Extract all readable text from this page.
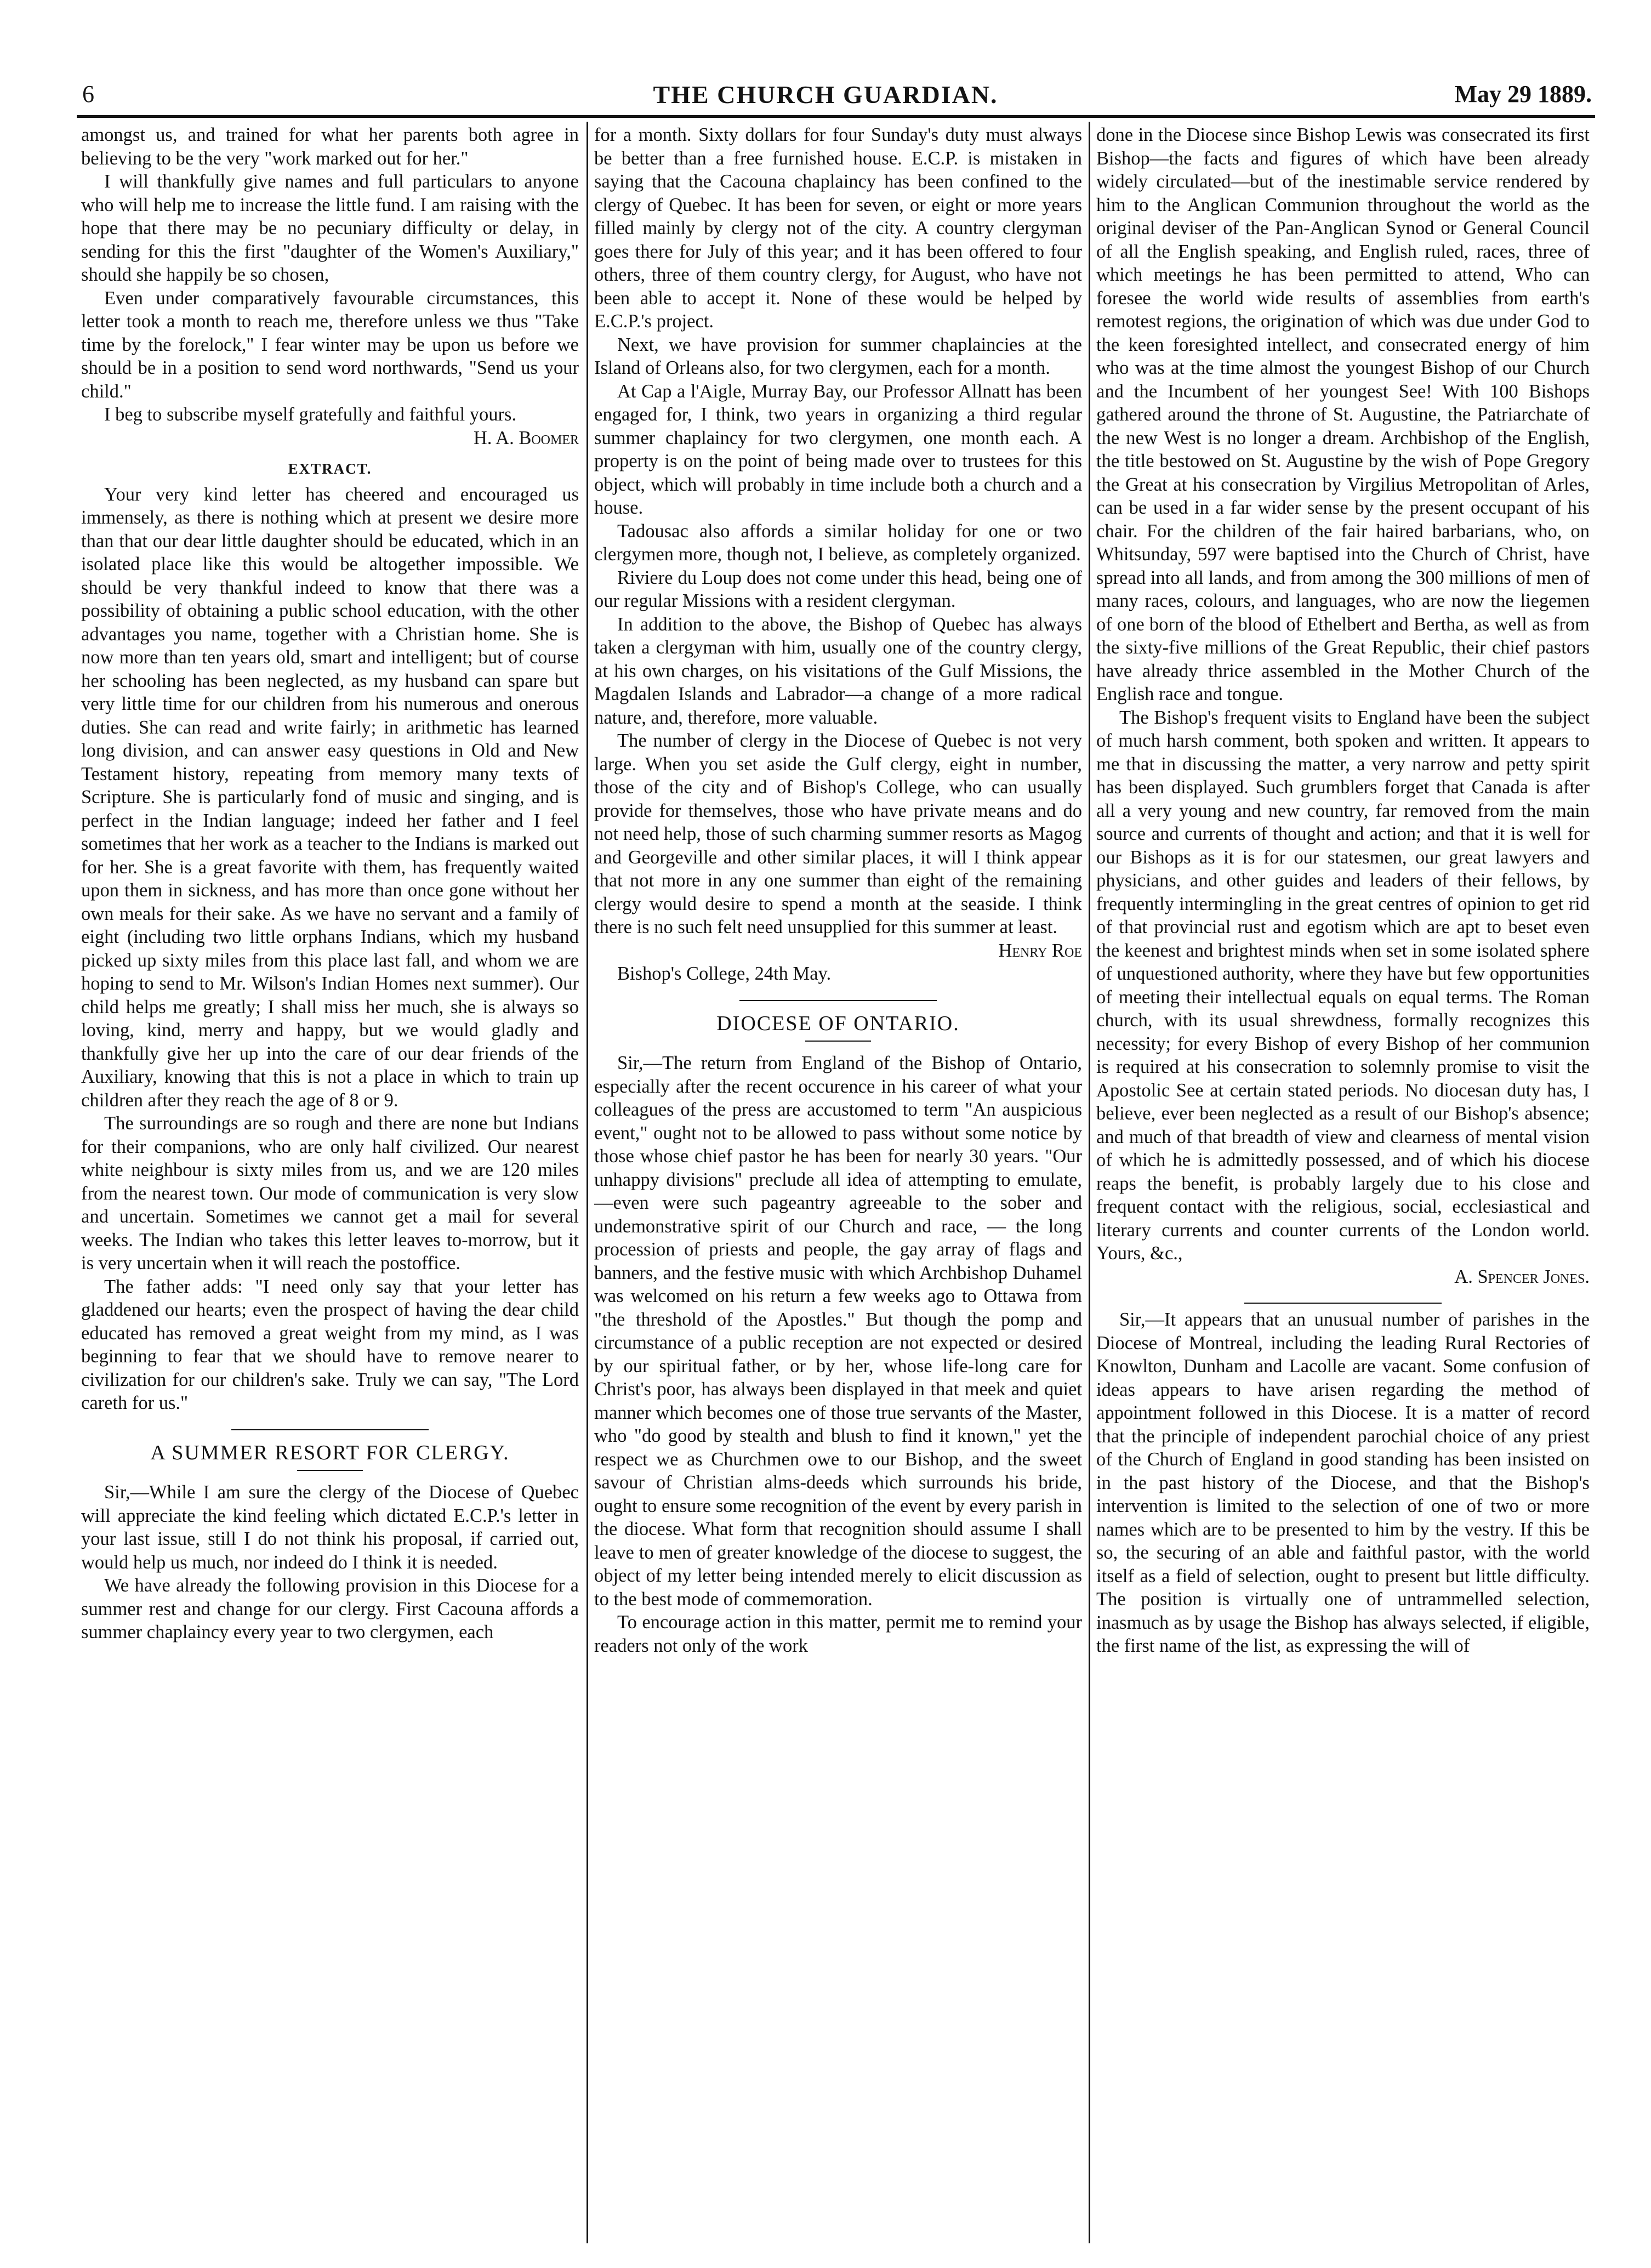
6	THE CHURCH GUARDIAN.	May 29 1889.

amongst us, and trained for what her parents both agree in believing to be the very "work marked out for her."

I will thankfully give names and full particulars to anyone who will help me to increase the little fund. I am raising with the hope that there may be no pecuniary difficulty or delay, in sending for this the first "daughter of the Women's Auxiliary," should she happily be so chosen,

Even under comparatively favourable circumstances, this letter took a month to reach me, therefore unless we thus "Take time by the forelock," I fear winter may be upon us before we should be in a position to send word northwards, "Send us your child."

I beg to subscribe myself gratefully and faithful yours.

H. A. Boomer

EXTRACT.

Your very kind letter has cheered and encouraged us immensely, as there is nothing which at present we desire more than that our dear little daughter should be educated, which in an isolated place like this would be altogether impossible. We should be very thankful indeed to know that there was a possibility of obtaining a public school education, with the other advantages you name, together with a Christian home. She is now more than ten years old, smart and intelligent; but of course her schooling has been neglected, as my husband can spare but very little time for our children from his numerous and onerous duties. She can read and write fairly; in arithmetic has learned long division, and can answer easy questions in Old and New Testament history, repeating from memory many texts of Scripture. She is particularly fond of music and singing, and is perfect in the Indian language; indeed her father and I feel sometimes that her work as a teacher to the Indians is marked out for her. She is a great favorite with them, has frequently waited upon them in sickness, and has more than once gone without her own meals for their sake. As we have no servant and a family of eight (including two little orphans Indians, which my husband picked up sixty miles from this place last fall, and whom we are hoping to send to Mr. Wilson's Indian Homes next summer). Our child helps me greatly; I shall miss her much, she is always so loving, kind, merry and happy, but we would gladly and thankfully give her up into the care of our dear friends of the Auxiliary, knowing that this is not a place in which to train up children after they reach the age of 8 or 9.

The surroundings are so rough and there are none but Indians for their companions, who are only half civilized. Our nearest white neighbour is sixty miles from us, and we are 120 miles from the nearest town. Our mode of communication is very slow and uncertain. Sometimes we cannot get a mail for several weeks. The Indian who takes this letter leaves to-morrow, but it is very uncertain when it will reach the postoffice.

The father adds: "I need only say that your letter has gladdened our hearts; even the prospect of having the dear child educated has removed a great weight from my mind, as I was beginning to fear that we should have to remove nearer to civilization for our children's sake. Truly we can say, "The Lord careth for us."

A SUMMER RESORT FOR CLERGY.

Sir,—While I am sure the clergy of the Diocese of Quebec will appreciate the kind feeling which dictated E.C.P.'s letter in your last issue, still I do not think his proposal, if carried out, would help us much, nor indeed do I think it is needed.

We have already the following provision in this Diocese for a summer rest and change for our clergy. First Cacouna affords a summer chaplaincy every year to two clergymen, each

for a month. Sixty dollars for four Sunday's duty must always be better than a free furnished house. E.C.P. is mistaken in saying that the Cacouna chaplaincy has been confined to the clergy of Quebec. It has been for seven, or eight or more years filled mainly by clergy not of the city. A country clergyman goes there for July of this year; and it has been offered to four others, three of them country clergy, for August, who have not been able to accept it. None of these would be helped by E.C.P.'s project.

Next, we have provision for summer chaplaincies at the Island of Orleans also, for two clergymen, each for a month.

At Cap a l'Aigle, Murray Bay, our Professor Allnatt has been engaged for, I think, two years in organizing a third regular summer chaplaincy for two clergymen, one month each. A property is on the point of being made over to trustees for this object, which will probably in time include both a church and a house.

Tadousac also affords a similar holiday for one or two clergymen more, though not, I believe, as completely organized.

Riviere du Loup does not come under this head, being one of our regular Missions with a resident clergyman.

In addition to the above, the Bishop of Quebec has always taken a clergyman with him, usually one of the country clergy, at his own charges, on his visitations of the Gulf Missions, the Magdalen Islands and Labrador—a change of a more radical nature, and, therefore, more valuable.

The number of clergy in the Diocese of Quebec is not very large. When you set aside the Gulf clergy, eight in number, those of the city and of Bishop's College, who can usually provide for themselves, those who have private means and do not need help, those of such charming summer resorts as Magog and Georgeville and other similar places, it will I think appear that not more in any one summer than eight of the remaining clergy would desire to spend a month at the seaside. I think there is no such felt need unsupplied for this summer at least.

Henry Roe

Bishop's College, 24th May.

DIOCESE OF ONTARIO.

Sir,—The return from England of the Bishop of Ontario, especially after the recent occurence in his career of what your colleagues of the press are accustomed to term "An auspicious event," ought not to be allowed to pass without some notice by those whose chief pastor he has been for nearly 30 years. "Our unhappy divisions" preclude all idea of attempting to emulate,—even were such pageantry agreeable to the sober and undemonstrative spirit of our Church and race, — the long procession of priests and people, the gay array of flags and banners, and the festive music with which Archbishop Duhamel was welcomed on his return a few weeks ago to Ottawa from "the threshold of the Apostles." But though the pomp and circumstance of a public reception are not expected or desired by our spiritual father, or by her, whose life-long care for Christ's poor, has always been displayed in that meek and quiet manner which becomes one of those true servants of the Master, who "do good by stealth and blush to find it known," yet the respect we as Churchmen owe to our Bishop, and the sweet savour of Christian alms-deeds which surrounds his bride, ought to ensure some recognition of the event by every parish in the diocese. What form that recognition should assume I shall leave to men of greater knowledge of the diocese to suggest, the object of my letter being intended merely to elicit discussion as to the best mode of commemoration.

To encourage action in this matter, permit me to remind your readers not only of the work

done in the Diocese since Bishop Lewis was consecrated its first Bishop—the facts and figures of which have been already widely circulated—but of the inestimable service rendered by him to the Anglican Communion throughout the world as the original deviser of the Pan-Anglican Synod or General Council of all the English speaking, and English ruled, races, three of which meetings he has been permitted to attend, Who can foresee the world wide results of assemblies from earth's remotest regions, the origination of which was due under God to the keen foresighted intellect, and consecrated energy of him who was at the time almost the youngest Bishop of our Church and the Incumbent of her youngest See! With 100 Bishops gathered around the throne of St. Augustine, the Patriarchate of the new West is no longer a dream. Archbishop of the English, the title bestowed on St. Augustine by the wish of Pope Gregory the Great at his consecration by Virgilius Metropolitan of Arles, can be used in a far wider sense by the present occupant of his chair. For the children of the fair haired barbarians, who, on Whitsunday, 597 were baptised into the Church of Christ, have spread into all lands, and from among the 300 millions of men of many races, colours, and languages, who are now the liegemen of one born of the blood of Ethelbert and Bertha, as well as from the sixty-five millions of the Great Republic, their chief pastors have already thrice assembled in the Mother Church of the English race and tongue.

The Bishop's frequent visits to England have been the subject of much harsh comment, both spoken and written. It appears to me that in discussing the matter, a very narrow and petty spirit has been displayed. Such grumblers forget that Canada is after all a very young and new country, far removed from the main source and currents of thought and action; and that it is well for our Bishops as it is for our statesmen, our great lawyers and physicians, and other guides and leaders of their fellows, by frequently intermingling in the great centres of opinion to get rid of that provincial rust and egotism which are apt to beset even the keenest and brightest minds when set in some isolated sphere of unquestioned authority, where they have but few opportunities of meeting their intellectual equals on equal terms. The Roman church, with its usual shrewdness, formally recognizes this necessity; for every Bishop of every Bishop of her communion is required at his consecration to solemnly promise to visit the Apostolic See at certain stated periods. No diocesan duty has, I believe, ever been neglected as a result of our Bishop's absence; and much of that breadth of view and clearness of mental vision of which he is admittedly possessed, and of which his diocese reaps the benefit, is probably largely due to his close and frequent contact with the religious, social, ecclesiastical and literary currents and counter currents of the London world. Yours, &c.,

A. Spencer Jones.

Sir,—It appears that an unusual number of parishes in the Diocese of Montreal, including the leading Rural Rectories of Knowlton, Dunham and Lacolle are vacant. Some confusion of ideas appears to have arisen regarding the method of appointment followed in this Diocese. It is a matter of record that the principle of independent parochial choice of any priest of the Church of England in good standing has been insisted on in the past history of the Diocese, and that the Bishop's intervention is limited to the selection of one of two or more names which are to be presented to him by the vestry. If this be so, the securing of an able and faithful pastor, with the world itself as a field of selection, ought to present but little difficulty. The position is virtually one of untrammelled selection, inasmuch as by usage the Bishop has always selected, if eligible, the first name of the list, as expressing the will of
